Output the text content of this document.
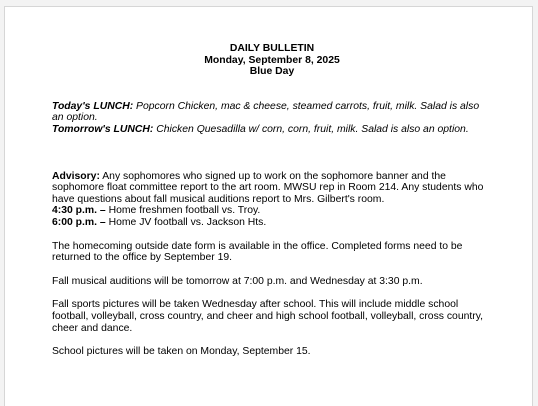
DAILY BULLETIN
Monday, September 8, 2025
Blue Day

Today's LUNCH: Popcorn Chicken, mac & cheese, steamed carrots, fruit, milk. Salad is also an option.

Tomorrow's LUNCH: Chicken Quesadilla w/ corn, corn, fruit, milk. Salad is also an option.

Advisory: Any sophomores who signed up to work on the sophomore banner and the sophomore float committee report to the art room. MWSU rep in Room 214. Any students who have questions about fall musical auditions report to Mrs. Gilbert's room.

4:30 p.m. – Home freshmen football vs. Troy.

6:00 p.m. – Home JV football vs. Jackson Hts.

The homecoming outside date form is available in the office. Completed forms need to be returned to the office by September 19.

Fall musical auditions will be tomorrow at 7:00 p.m. and Wednesday at 3:30 p.m.

Fall sports pictures will be taken Wednesday after school. This will include middle school football, volleyball, cross country, and cheer and high school football, volleyball, cross country, cheer and dance.

School pictures will be taken on Monday, September 15.
